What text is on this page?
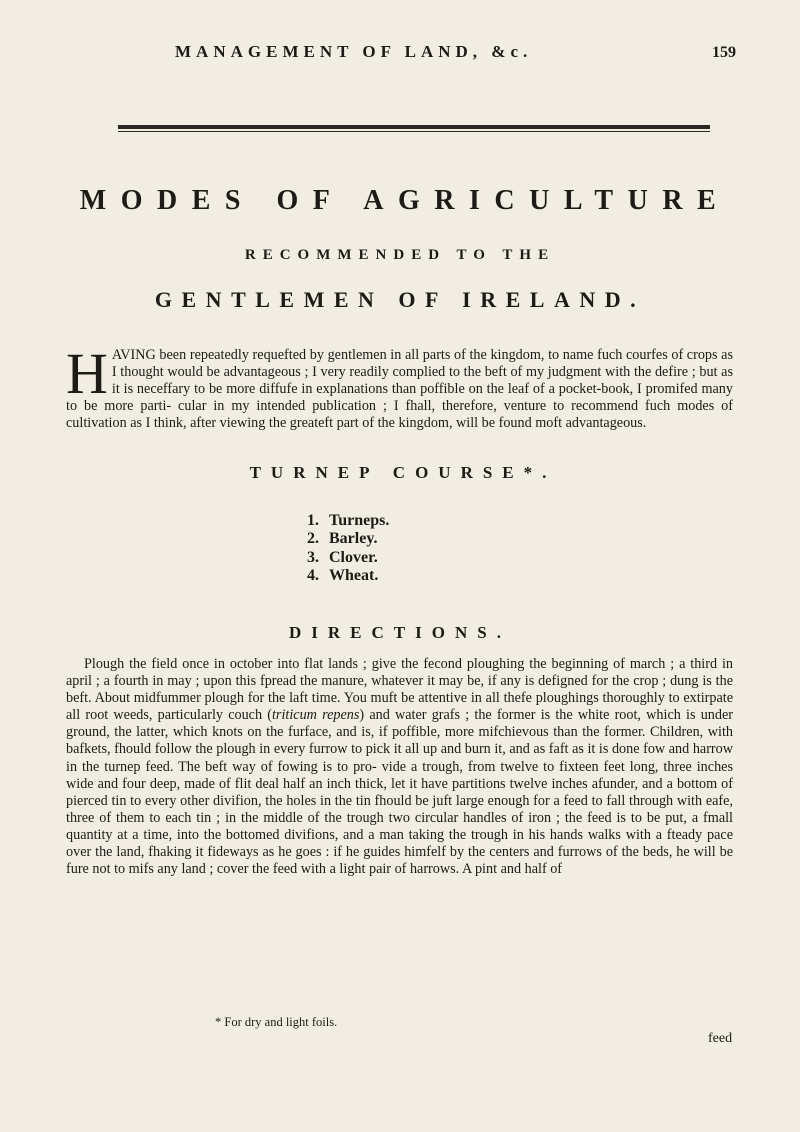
MANAGEMENT OF LAND, &c.	159
MODES OF AGRICULTURE
RECOMMENDED TO THE
GENTLEMEN OF IRELAND.
HAVING been repeatedly requefted by gentlemen in all parts of the kingdom, to name fuch courfes of crops as I thought would be advantageous ; I very readily complied to the beft of my judgment with the defire ; but as it is neceffary to be more diffufe in explanations than poffible on the leaf of a pocket-book, I promifed many to be more parti- cular in my intended publication ; I fhall, therefore, venture to recommend fuch modes of cultivation as I think, after viewing the greateft part of the kingdom, will be found moft advantageous.
TURNEP COURSE*.
1. Turneps.
2. Barley.
3. Clover.
4. Wheat.
DIRECTIONS.

Plough the field once in october into flat lands ; give the fecond ploughing the beginning of march ; a third in april ; a fourth in may ; upon this fpread the manure, whatever it may be, if any is defigned for the crop ; dung is the beft. About midfummer plough for the laft time. You muft be attentive in all thefe ploughings thoroughly to extirpate all root weeds, particularly couch (triticum repens) and water grafs ; the former is the white root, which is under ground, the latter, which knots on the furface, and is, if poffible, more mifchievous than the former. Children, with bafkets, fhould follow the plough in every furrow to pick it all up and burn it, and as faft as it is done fow and harrow in the turnep feed. The beft way of fowing is to pro- vide a trough, from twelve to fixteen feet long, three inches wide and four deep, made of flit deal half an inch thick, let it have partitions twelve inches afunder, and a bottom of pierced tin to every other divifion, the holes in the tin fhould be juft large enough for a feed to fall through with eafe, three of them to each tin ; in the middle of the trough two circular handles of iron ; the feed is to be put, a fmall quantity at a time, into the bottomed divifions, and a man taking the trough in his hands walks with a fteady pace over the land, fhaking it fideways as he goes : if he guides himfelf by the centers and furrows of the beds, he will be fure not to mifs any land ; cover the feed with a light pair of harrows. A pint and half of

* For dry and light foils.
feed
